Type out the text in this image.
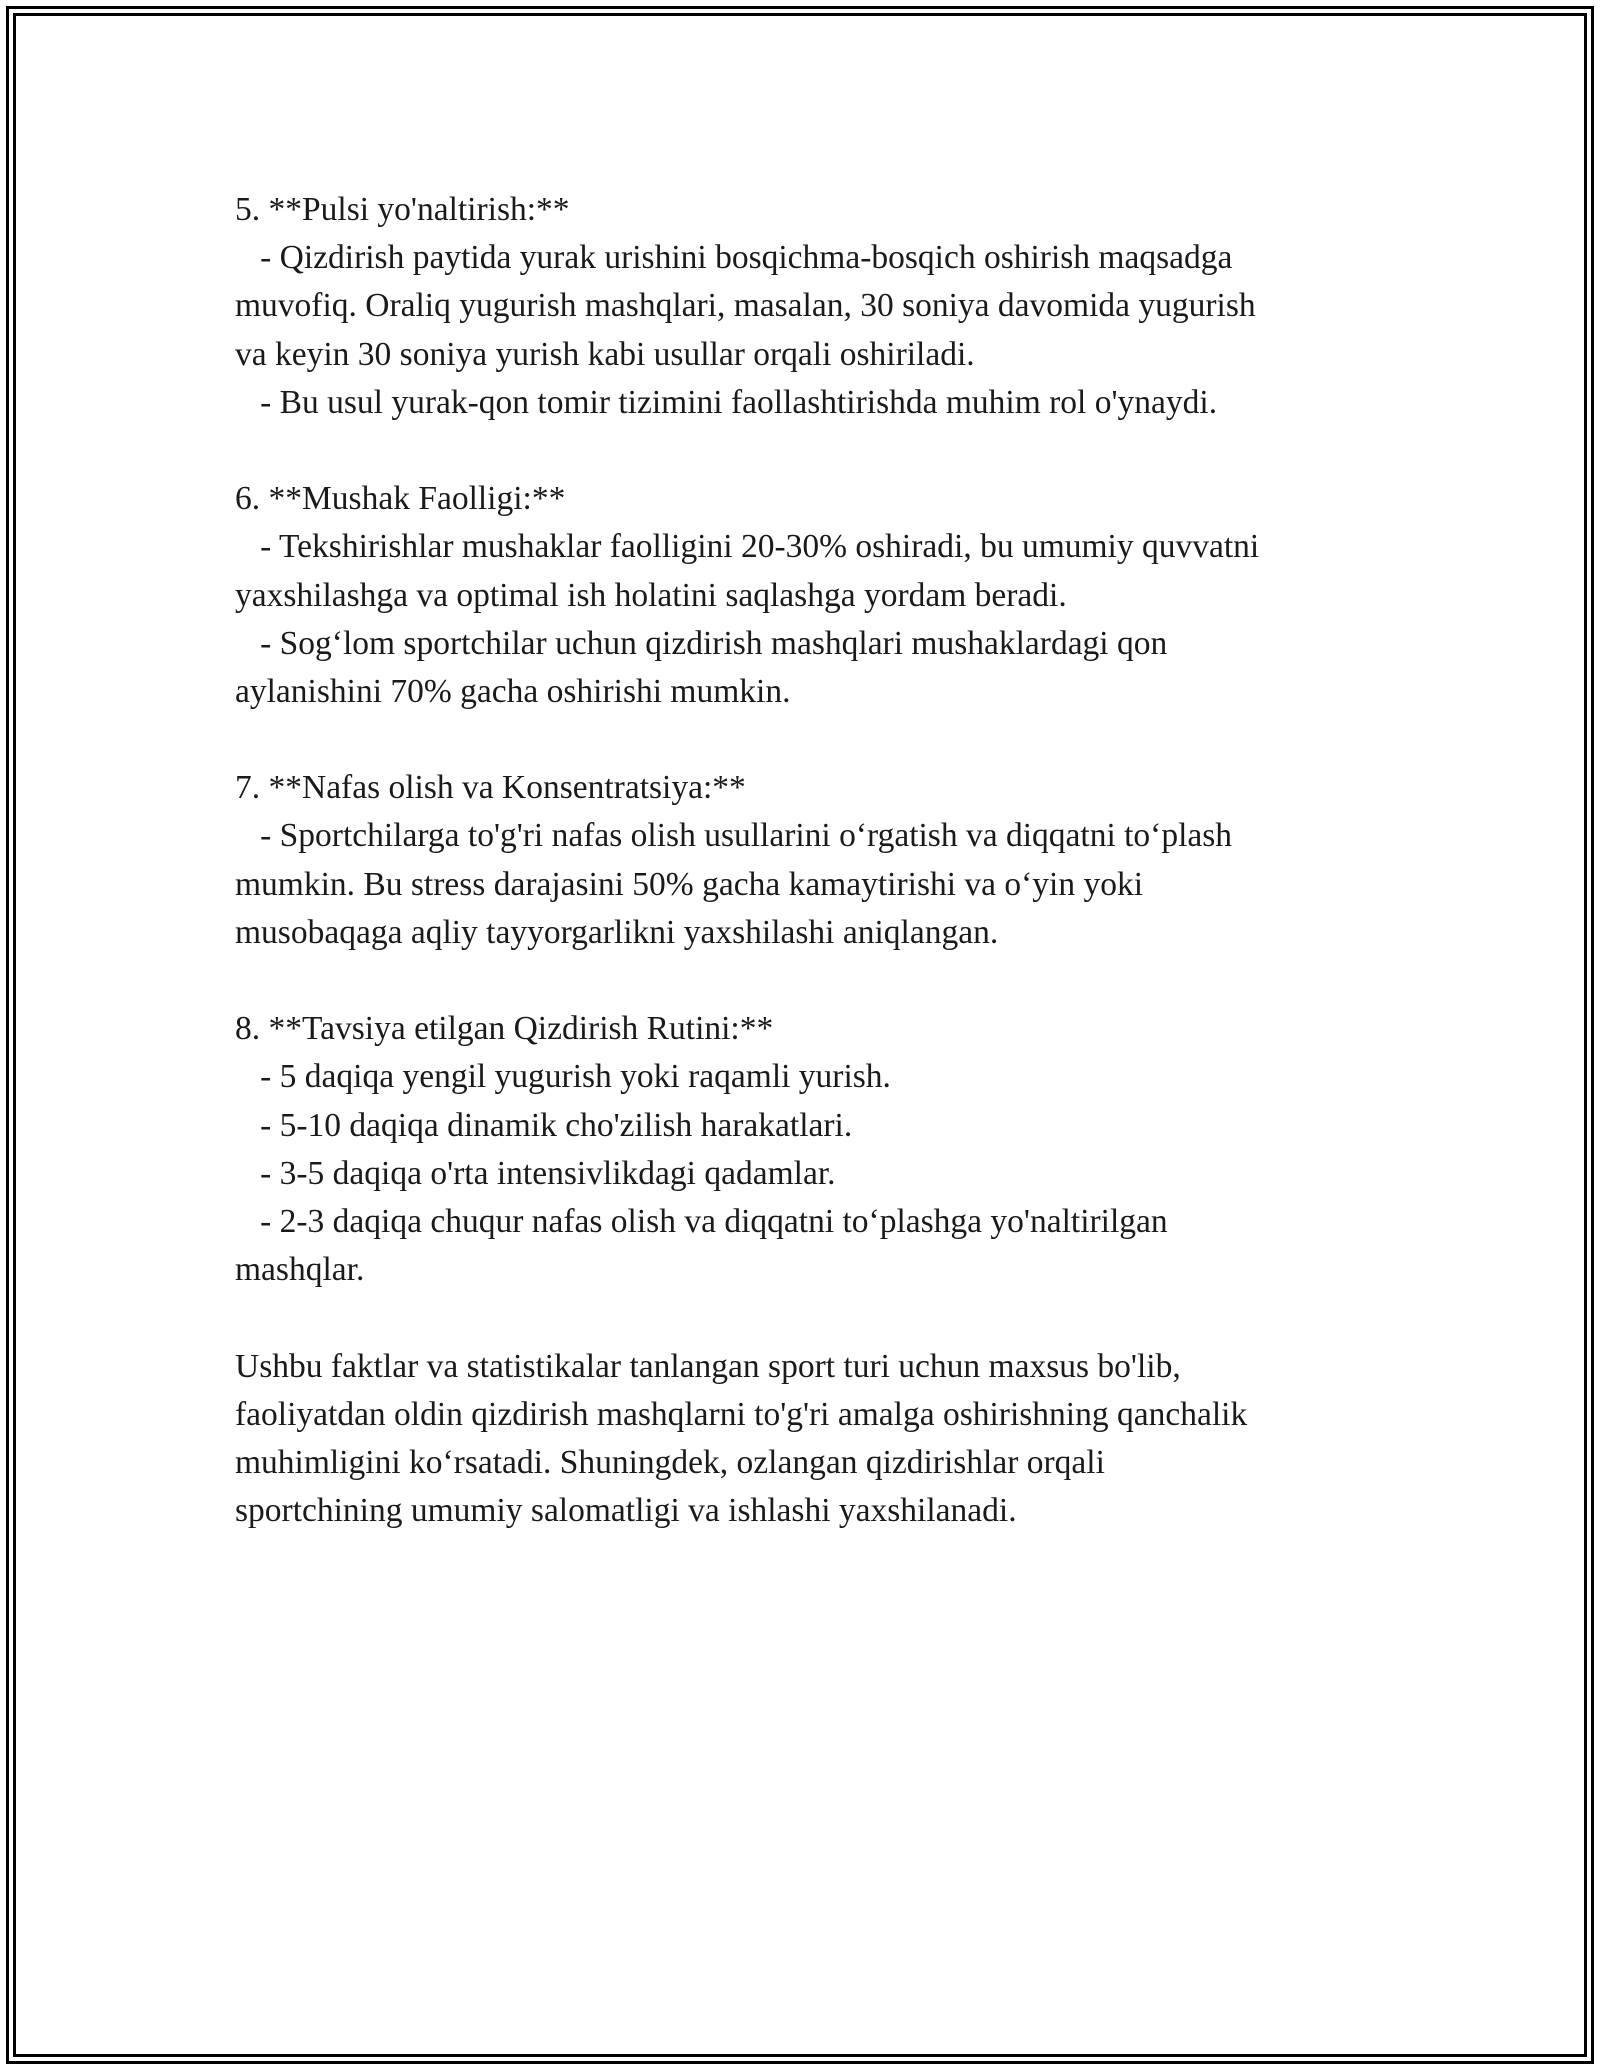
5. **Pulsi yo'naltirish:**
- Qizdirish paytida yurak urishini bosqichma-bosqich oshirish maqsadga
muvofiq. Oraliq yugurish mashqlari, masalan, 30 soniya davomida yugurish
va keyin 30 soniya yurish kabi usullar orqali oshiriladi.
- Bu usul yurak-qon tomir tizimini faollashtirishda muhim rol o'ynaydi.
6. **Mushak Faolligi:**
- Tekshirishlar mushaklar faolligini 20-30% oshiradi, bu umumiy quvvatni
yaxshilashga va optimal ish holatini saqlashga yordam beradi.
- Sog‘lom sportchilar uchun qizdirish mashqlari mushaklardagi qon
aylanishini 70% gacha oshirishi mumkin.
7. **Nafas olish va Konsentratsiya:**
- Sportchilarga to'g'ri nafas olish usullarini o‘rgatish va diqqatni to‘plash
mumkin. Bu stress darajasini 50% gacha kamaytirishi va o‘yin yoki
musobaqaga aqliy tayyorgarlikni yaxshilashi aniqlangan.
8. **Tavsiya etilgan Qizdirish Rutini:**
- 5 daqiqa yengil yugurish yoki raqamli yurish.
- 5-10 daqiqa dinamik cho'zilish harakatlari.
- 3-5 daqiqa o'rta intensivlikdagi qadamlar.
- 2-3 daqiqa chuqur nafas olish va diqqatni to‘plashga yo'naltirilgan
mashqlar.
Ushbu faktlar va statistikalar tanlangan sport turi uchun maxsus bo'lib,
faoliyatdan oldin qizdirish mashqlarni to'g'ri amalga oshirishning qanchalik
muhimligini ko‘rsatadi. Shuningdek, ozlangan qizdirishlar orqali
sportchining umumiy salomatligi va ishlashi yaxshilanadi.
